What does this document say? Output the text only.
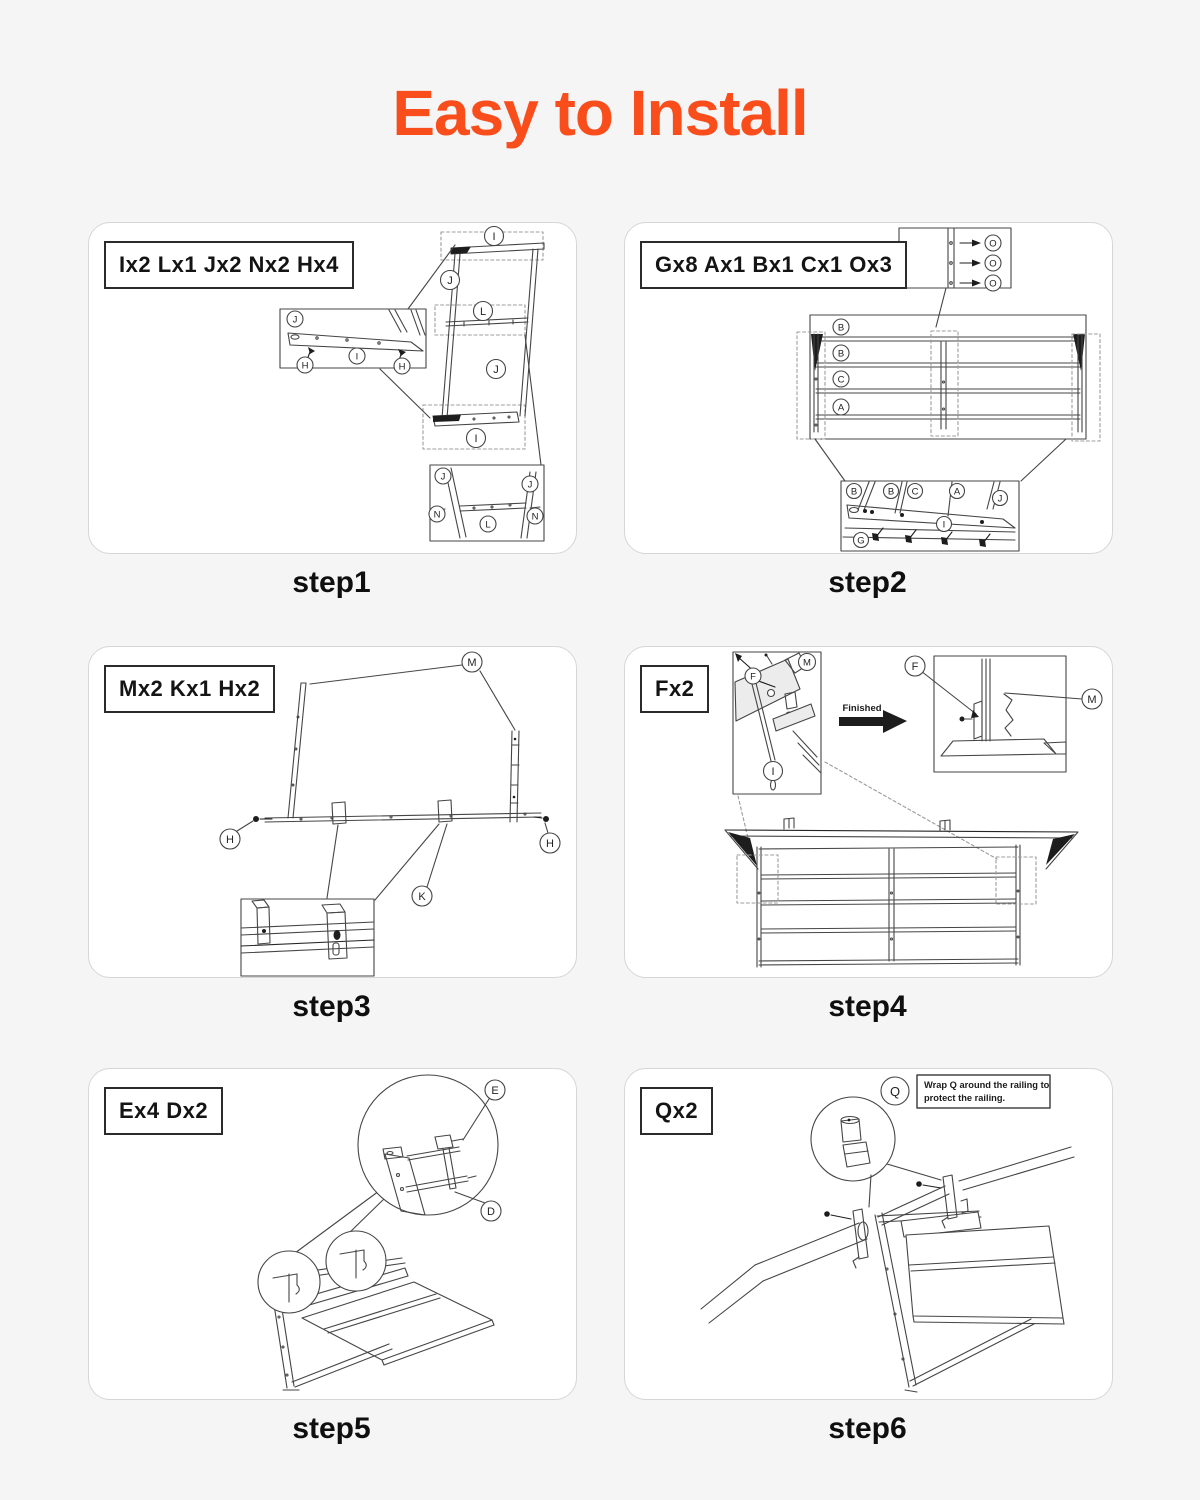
Easy to Install
Ix2 Lx1 Jx2 Nx2 Hx4
I
J
L
J
I
J
I
H	H
J
J
N	N
L
Gx8 Ax1 Bx1 Cx1 Ox3
O
O
O
B
B
C
A
B	B C	A
J
I
G
Mx2 Kx1 Hx2
M
H	H
K
Fx2
Finished
F
M
I
F
M
Ex4 Dx2
E
D
Qx2
Wrap Q around the railing to
protect the railing.
Q
step1	step2
step3	step4
step5	step6
